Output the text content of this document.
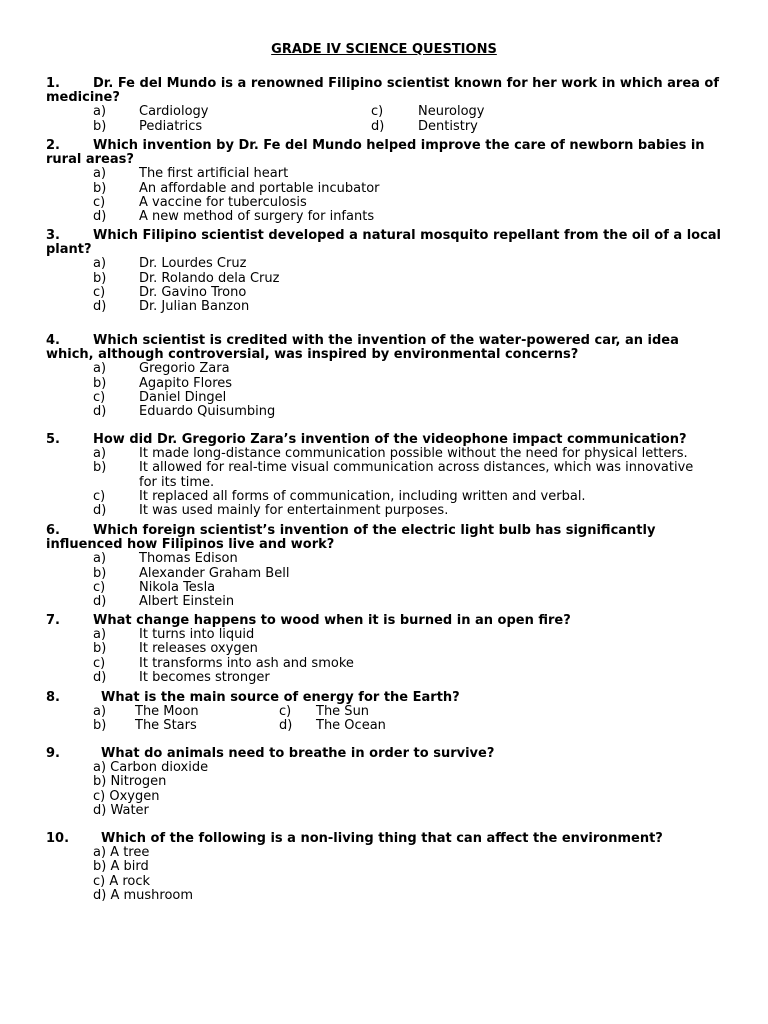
GRADE IV SCIENCE QUESTIONS
1.	Dr. Fe del Mundo is a renowned Filipino scientist known for her work in which area of
medicine?
a)	Cardiology	c)	Neurology
b)	Pediatrics	d)	Dentistry
2.	Which invention by Dr. Fe del Mundo helped improve the care of newborn babies in
rural areas?
a)	The first artificial heart
b)	An affordable and portable incubator
c)	A vaccine for tuberculosis
d)	A new method of surgery for infants
3.	Which Filipino scientist developed a natural mosquito repellant from the oil of a local
plant?
a)	Dr. Lourdes Cruz
b)	Dr. Rolando dela Cruz
c)	Dr. Gavino Trono
d)	Dr. Julian Banzon
4.	Which scientist is credited with the invention of the water-powered car, an idea
which, although controversial, was inspired by environmental concerns?
a)	Gregorio Zara
b)	Agapito Flores
c)	Daniel Dingel
d)	Eduardo Quisumbing
5.	How did Dr. Gregorio Zara’s invention of the videophone impact communication?
a)	It made long-distance communication possible without the need for physical letters.
b)	It allowed for real-time visual communication across distances, which was innovative
for its time.
c)	It replaced all forms of communication, including written and verbal.
d)	It was used mainly for entertainment purposes.
6.	Which foreign scientist’s invention of the electric light bulb has significantly
influenced how Filipinos live and work?
a)	Thomas Edison
b)	Alexander Graham Bell
c)	Nikola Tesla
d)	Albert Einstein
7.	What change happens to wood when it is burned in an open fire?
a)	It turns into liquid
b)	It releases oxygen
c)	It transforms into ash and smoke
d)	It becomes stronger
8.	What is the main source of energy for the Earth?
a) The Moon	c) The Sun
b) The Stars	d) The Ocean
9.	What do animals need to breathe in order to survive?
a) Carbon dioxide
b) Nitrogen
c) Oxygen
d) Water
10. Which of the following is a non-living thing that can affect the environment?
a) A tree
b) A bird
c) A rock
d) A mushroom
